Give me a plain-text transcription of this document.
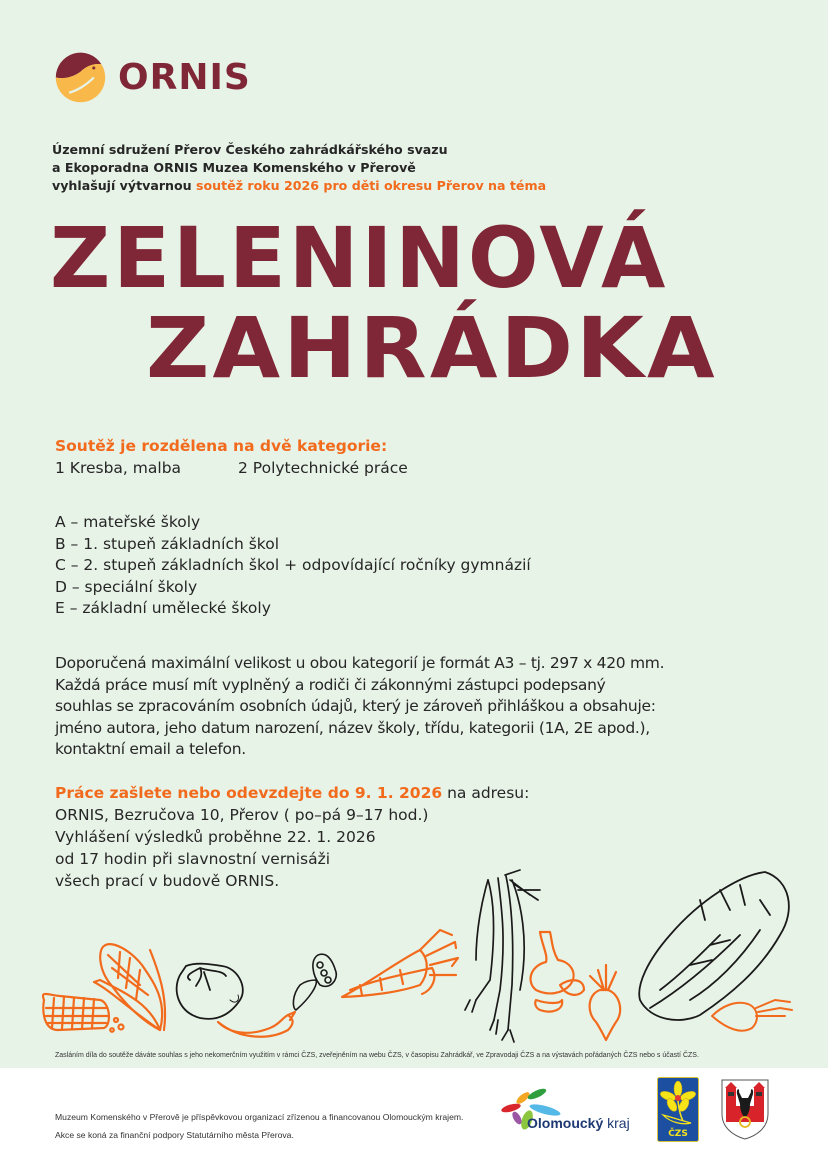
ORNIS
Územní sdružení Přerov Českého zahrádkářského svazu
a Ekoporadna ORNIS Muzea Komenského v Přerově
vyhlašují výtvarnou soutěž roku 2026 pro děti okresu Přerov na téma
ZELENINOVÁ
ZAHRÁDKA
Soutěž je rozdělena na dvě kategorie:
1 Kresba, malba	2 Polytechnické práce
A – mateřské školy
B – 1. stupeň základních škol
C – 2. stupeň základních škol + odpovídající ročníky gymnázií
D – speciální školy
E – základní umělecké školy
Doporučená maximální velikost u obou kategorií je formát A3 – tj. 297 x 420 mm.
Každá práce musí mít vyplněný a rodiči či zákonnými zástupci podepsaný
souhlas se zpracováním osobních údajů, který je zároveň přihláškou a obsahuje:
jméno autora, jeho datum narození, název školy, třídu, kategorii (1A, 2E apod.),
kontaktní email a telefon.
Práce zašlete nebo odevzdejte do 9. 1. 2026 na adresu:
ORNIS, Bezručova 10, Přerov ( po–pá 9–17 hod.)
Vyhlášení výsledků proběhne 22. 1. 2026
od 17 hodin při slavnostní vernisáži
všech prací v budově ORNIS.
Zasláním díla do soutěže dáváte souhlas s jeho nekomerčním využitím v rámci ČZS, zveřejněním na webu ČZS, v časopisu Zahrádkář, ve Zpravodaji ČZS a na výstavách pořádaných ČZS nebo s účastí ČZS.
Muzeum Komenského v Přerově je příspěvkovou organizací zřízenou a financovanou Olomouckým krajem.
Akce se koná za finanční podpory Statutárního města Přerova.
Olomoucký kraj
ČZS
